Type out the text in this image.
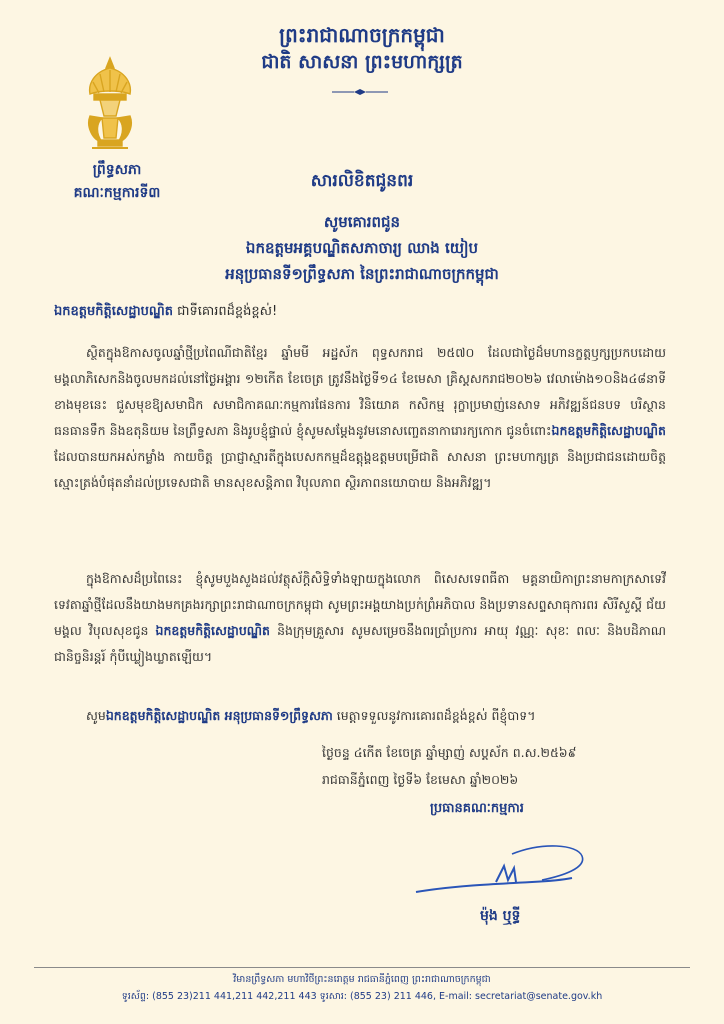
ព្រះរាជាណាចក្រកម្ពុជា
ជាតិ សាសនា ព្រះមហាក្សត្រ
ព្រឹទ្ធសភា
គណៈកម្មការទី៣
សារលិខិតជូនពរ
សូមគោរពជូន
ឯកឧត្តមអគ្គបណ្ឌិតសភាចារ្យ ឈាង យៀប
អនុប្រធានទី១ព្រឹទ្ធសភា នៃព្រះរាជាណាចក្រកម្ពុជា
ឯកឧត្តមកិត្តិសេដ្ឋាបណ្ឌិត ជាទីគោរពដ៏ខ្ពង់ខ្ពស់!
ស្ថិតក្នុងឱកាសចូលឆ្នាំថ្មីប្រពៃណីជាតិខ្មែរ ឆ្នាំមមី អដ្ឋស័ក ពុទ្ធសករាជ ២៥៧០ ដែលជាថ្ងៃដ៏មហានក្ខត្តឫក្សប្រកបដោយមង្គលាភិសេកនិងចូលមកដល់នៅថ្ងៃអង្គារ ១២កើត ខែចេត្រ ត្រូវនឹងថ្ងៃទី១៤ ខែមេសា គ្រិស្តសករាជ២០២៦ វេលាម៉ោង១០និង៤៨នាទី ខាងមុខនេះ ជួសមុខឱ្យសមាជិក សមាជិកាគណៈកម្មការផែនការ វិនិយោគ កសិកម្ម រុក្ខាប្រមាញ់នេសាទ អភិវឌ្ឍន៍ជនបទ បរិស្ថាន ធនធានទឹក និងឧតុនិយម នៃព្រឹទ្ធសភា និងរូបខ្ញុំផ្ទាល់ ខ្ញុំសូមសម្ដែងនូវមនោសញ្ចេតនាការោរក្យកោក ជូនចំពោះឯកឧត្តមកិត្តិសេដ្ឋាបណ្ឌិត ដែលបានយកអស់កម្លាំង កាយចិត្ត ប្រាជ្ញាស្មារតីក្នុងបេសកកម្មដ៏ឧត្តុង្គឧត្តមបម្រើជាតិ សាសនា ព្រះមហាក្សត្រ និងប្រជាជនដោយចិត្តស្មោះត្រង់បំផុតនាំដល់ប្រទេសជាតិ មានសុខសន្តិភាព វិបុលភាព ស្ថិរភាពនយោបាយ និងអភិវឌ្ឍ។
ក្នុងឱកាសដ៏ប្រពៃនេះ ខ្ញុំសូមបួងសួងដល់វត្ថុស័ក្តិសិទ្ធិទាំងឡាយក្នុងលោក ពិសេសទេពធីតា មគ្គនាយិកាព្រះនាមកាក្រសាទេវី ទេវតាឆ្នាំថ្មីដែលនឹងយាងមកគ្រងរក្សាព្រះរាជាណាចក្រកម្ពុជា សូមព្រះអង្គយាងប្រក់ព្រំអភិបាល និងប្រទានសព្ទសាធុការពរ សិរីសួស្ដី ជ័យមង្គល វិបុលសុខជូន ឯកឧត្តមកិត្តិសេដ្ឋាបណ្ឌិត និងក្រុមគ្រួសារ សូមសម្រេចនឹងពរប្រាំប្រការ អាយុ វណ្ណៈ សុខៈ ពលៈ និងបដិភាណ ជានិច្ចនិរន្តរ៍ កុំបីឃ្លៀងឃ្លាតឡើយ។
សូមឯកឧត្តមកិត្តិសេដ្ឋាបណ្ឌិត អនុប្រធានទី១ព្រឹទ្ធសភា មេត្តាទទួលនូវការគោរពដ៏ខ្ពង់ខ្ពស់ ពីខ្ញុំបាទ។
ថ្ងៃចន្ទ ៤កើត ខែចេត្រ ឆ្នាំម្សាញ់ សប្តស័ក ព.ស.២៥៦៩
រាជធានីភ្នំពេញ ថ្ងៃទី៦ ខែមេសា ឆ្នាំ២០២៦
ប្រធានគណៈកម្មការ
ម៉ុង ឬទ្ធី
វិមានព្រឹទ្ធសភា មហាវិថីព្រះនរោត្តម រាជធានីភ្នំពេញ ព្រះរាជាណាចក្រកម្ពុជា
ទូរស័ព្ទ: (855 23)211 441,211 442,211 443 ទូរសារ: (855 23) 211 446, E-mail: secretariat@senate.gov.kh
